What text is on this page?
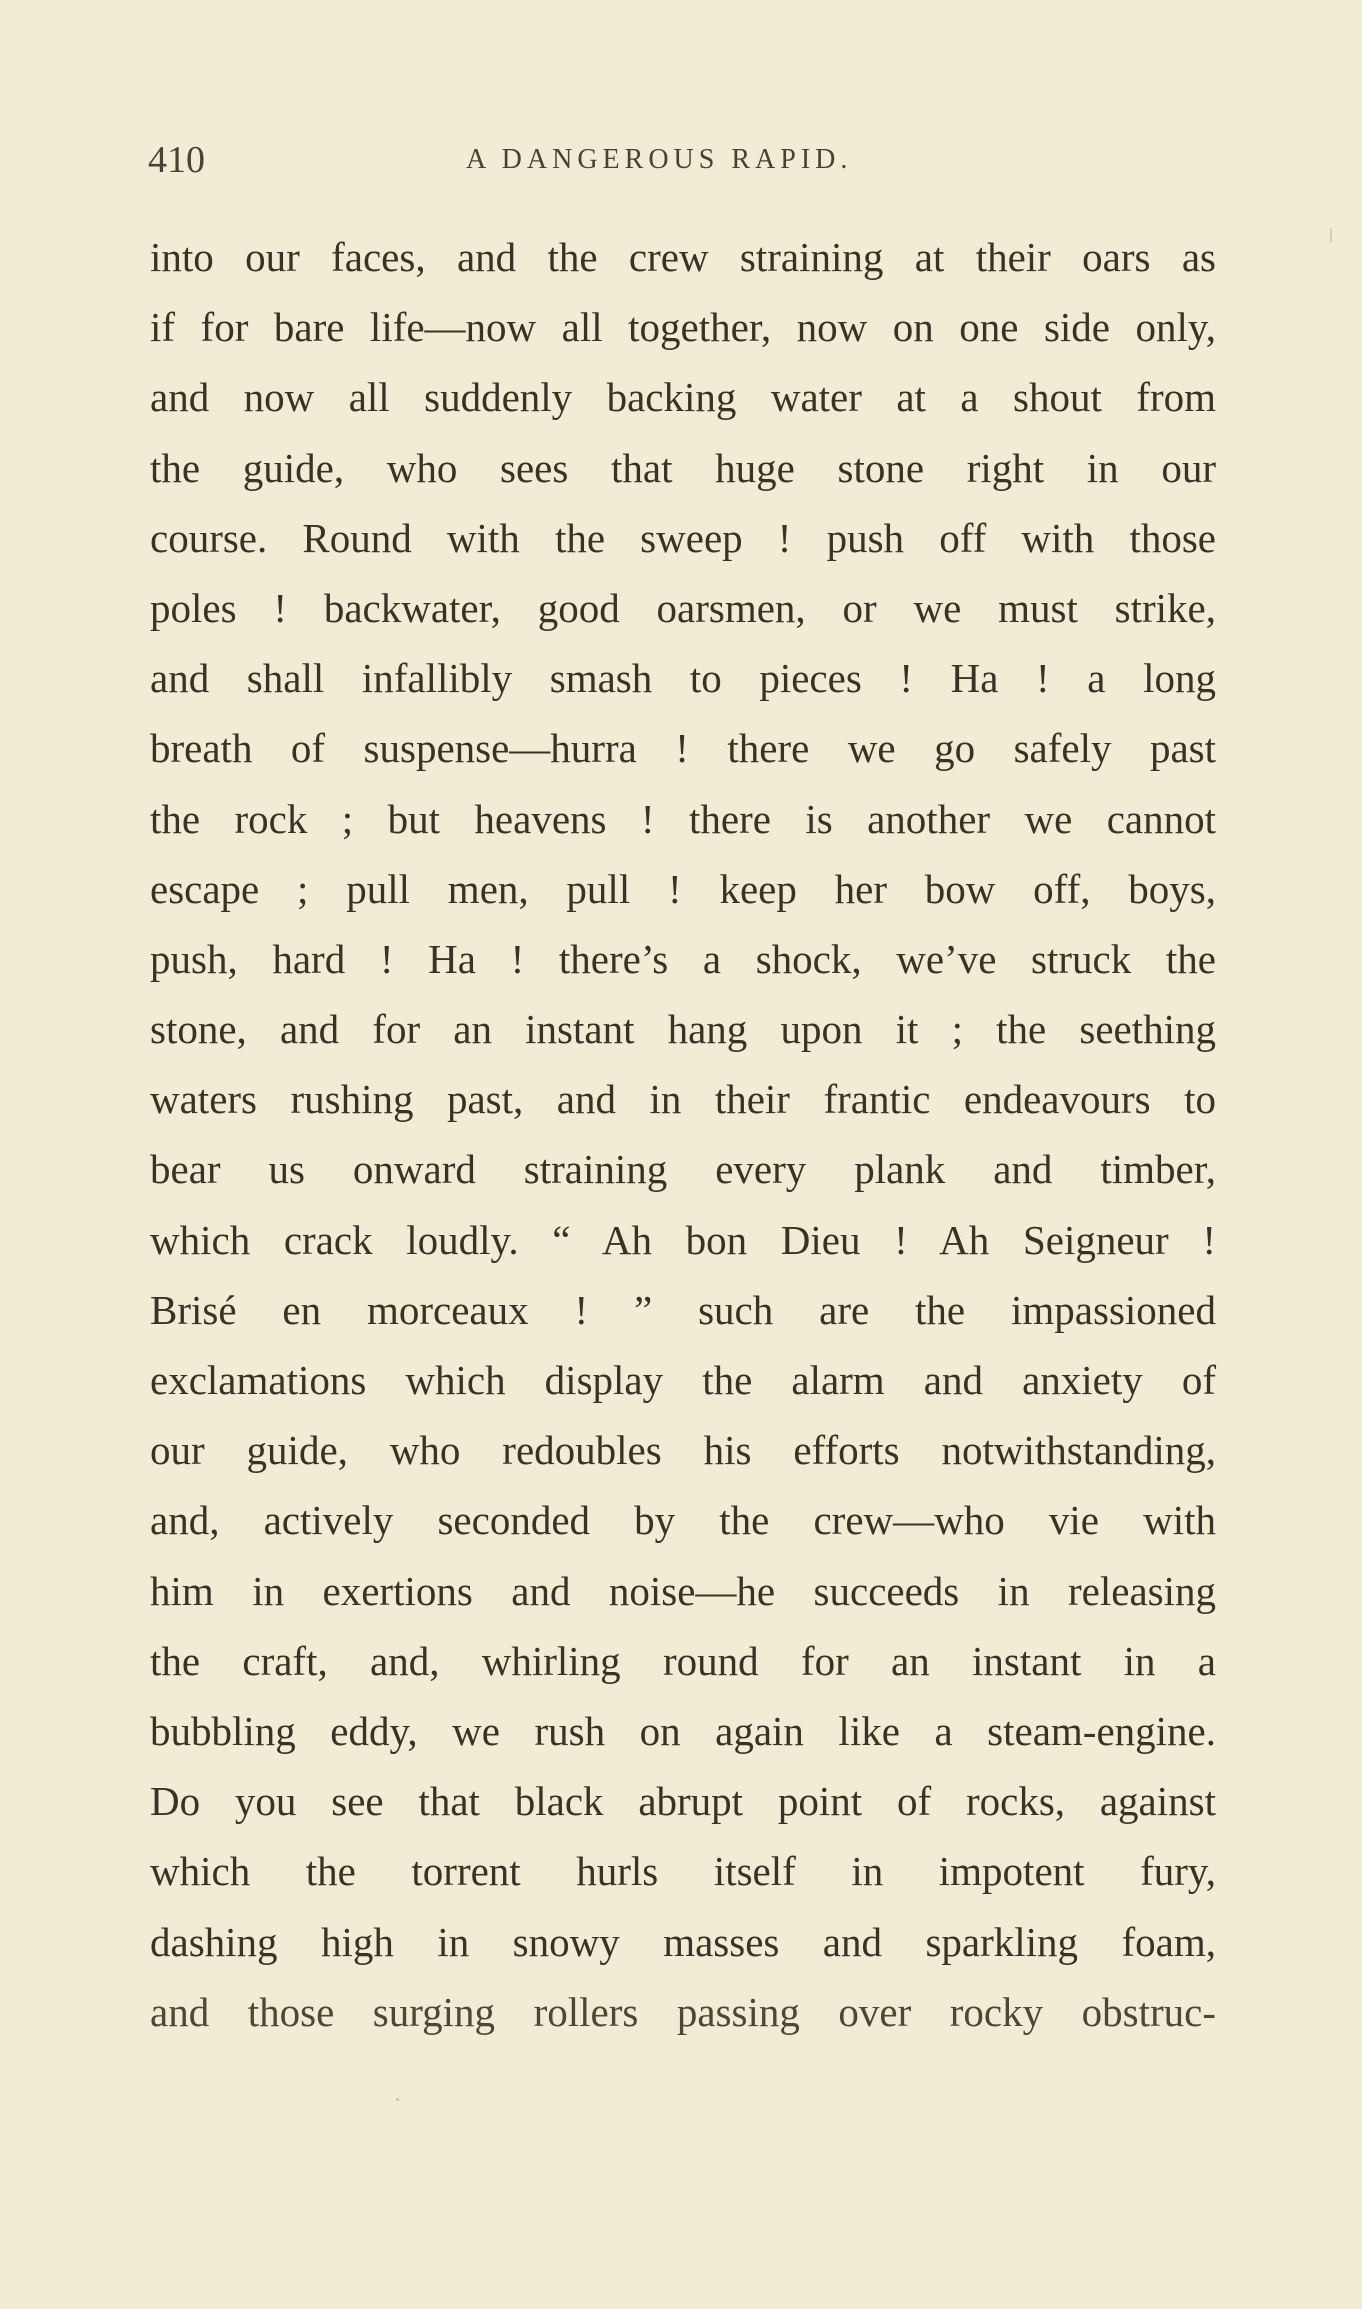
410	A DANGEROUS RAPID.
into our faces, and the crew straining at their oars as
if for bare life—now all together, now on one side only,
and now all suddenly backing water at a shout from
the guide, who sees that huge stone right in our
course. Round with the sweep ! push off with those
poles ! backwater, good oarsmen, or we must strike,
and shall infallibly smash to pieces ! Ha ! a long
breath of suspense—hurra ! there we go safely past
the rock ; but heavens ! there is another we cannot
escape ; pull men, pull ! keep her bow off, boys,
push, hard ! Ha ! there’s a shock, we’ve struck the
stone, and for an instant hang upon it ; the seething
waters rushing past, and in their frantic endeavours to
bear us onward straining every plank and timber,
which crack loudly. “ Ah bon Dieu ! Ah Seigneur !
Brisé en morceaux ! ” such are the impassioned
exclamations which display the alarm and anxiety of
our guide, who redoubles his efforts notwithstanding,
and, actively seconded by the crew—who vie with
him in exertions and noise—he succeeds in releasing
the craft, and, whirling round for an instant in a
bubbling eddy, we rush on again like a steam-engine.
Do you see that black abrupt point of rocks, against
which the torrent hurls itself in impotent fury,
dashing high in snowy masses and sparkling foam,
and those surging rollers passing over rocky obstruc-
